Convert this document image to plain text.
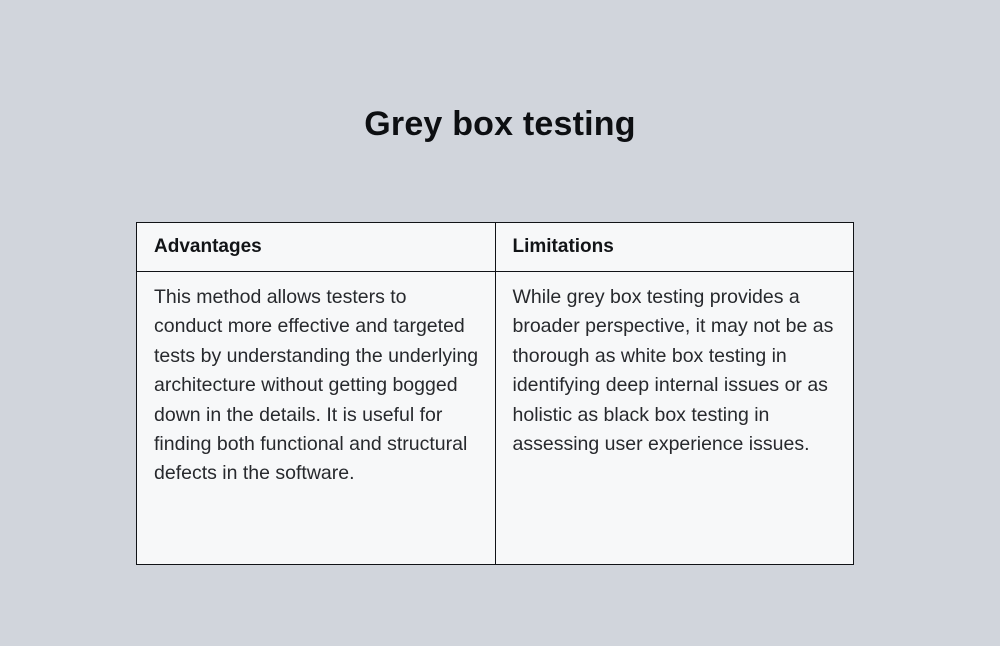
Grey box testing
Advantages	Limitations
This method allows testers to conduct more effective and targeted tests by understanding the underlying architecture without getting bogged down in the details. It is useful for finding both functional and structural defects in the software.	While grey box testing provides a broader perspective, it may not be as thorough as white box testing in identifying deep internal issues or as holistic as black box testing in assessing user experience issues.
